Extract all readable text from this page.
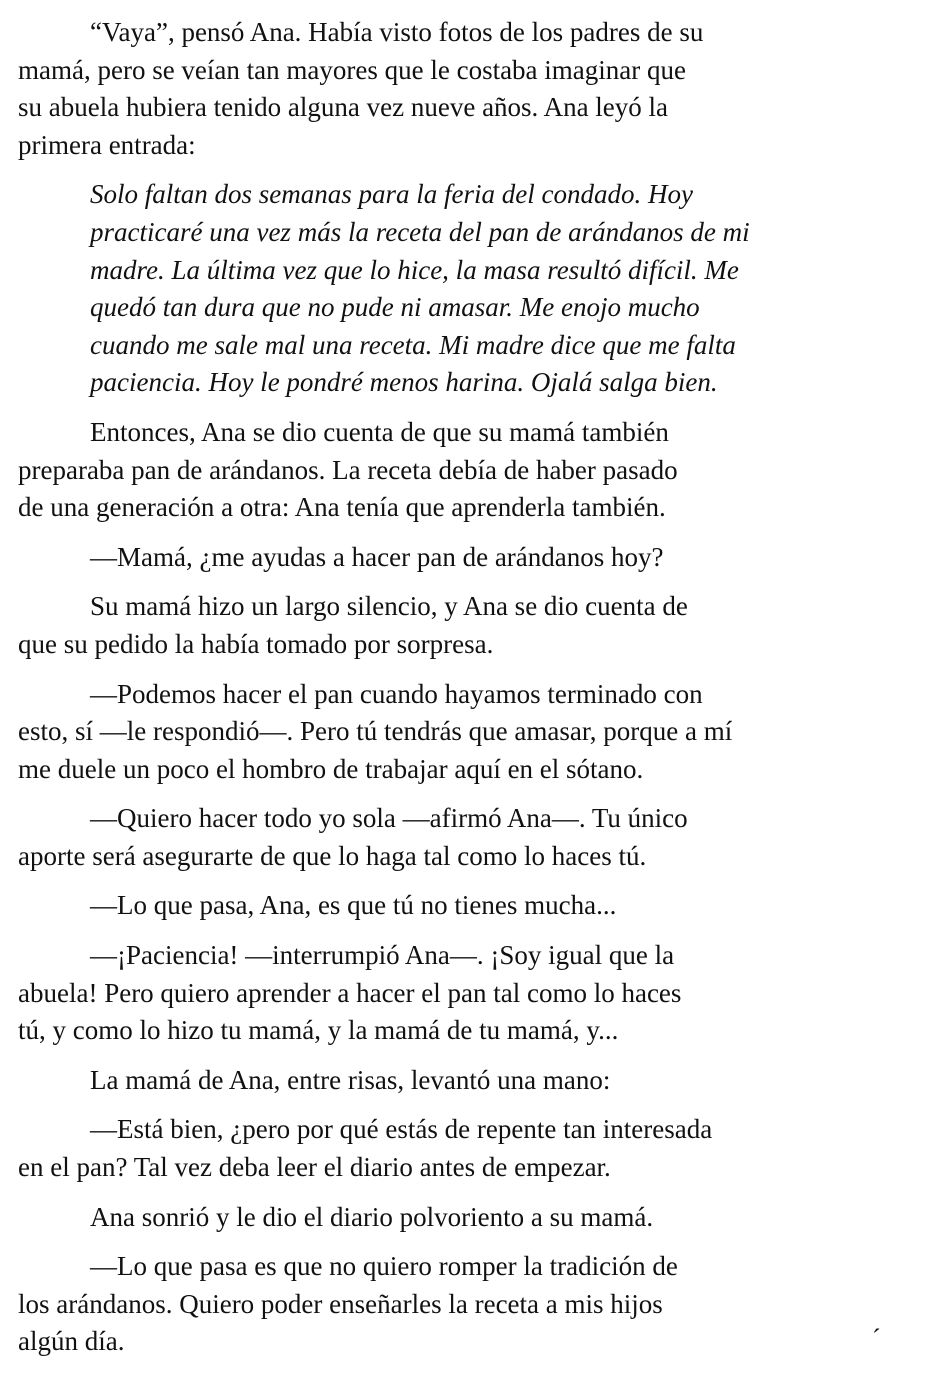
“Vaya”, pensó Ana. Había visto fotos de los padres de su
mamá, pero se veían tan mayores que le costaba imaginar que
su abuela hubiera tenido alguna vez nueve años. Ana leyó la
primera entrada:

Solo faltan dos semanas para la feria del condado. Hoy
practicaré una vez más la receta del pan de arándanos de mi
madre. La última vez que lo hice, la masa resultó difícil. Me
quedó tan dura que no pude ni amasar. Me enojo mucho
cuando me sale mal una receta. Mi madre dice que me falta
paciencia. Hoy le pondré menos harina. Ojalá salga bien.

Entonces, Ana se dio cuenta de que su mamá también
preparaba pan de arándanos. La receta debía de haber pasado
de una generación a otra: Ana tenía que aprenderla también.

—Mamá, ¿me ayudas a hacer pan de arándanos hoy?

Su mamá hizo un largo silencio, y Ana se dio cuenta de
que su pedido la había tomado por sorpresa.

—Podemos hacer el pan cuando hayamos terminado con
esto, sí —le respondió—. Pero tú tendrás que amasar, porque a mí
me duele un poco el hombro de trabajar aquí en el sótano.

—Quiero hacer todo yo sola —afirmó Ana—. Tu único
aporte será asegurarte de que lo haga tal como lo haces tú.

—Lo que pasa, Ana, es que tú no tienes mucha...

—¡Paciencia! —interrumpió Ana—. ¡Soy igual que la
abuela! Pero quiero aprender a hacer el pan tal como lo haces
tú, y como lo hizo tu mamá, y la mamá de tu mamá, y...

La mamá de Ana, entre risas, levantó una mano:

—Está bien, ¿pero por qué estás de repente tan interesada
en el pan? Tal vez deba leer el diario antes de empezar.

Ana sonrió y le dio el diario polvoriento a su mamá.

—Lo que pasa es que no quiero romper la tradición de
los arándanos. Quiero poder enseñarles la receta a mis hijos
algún día.	´
